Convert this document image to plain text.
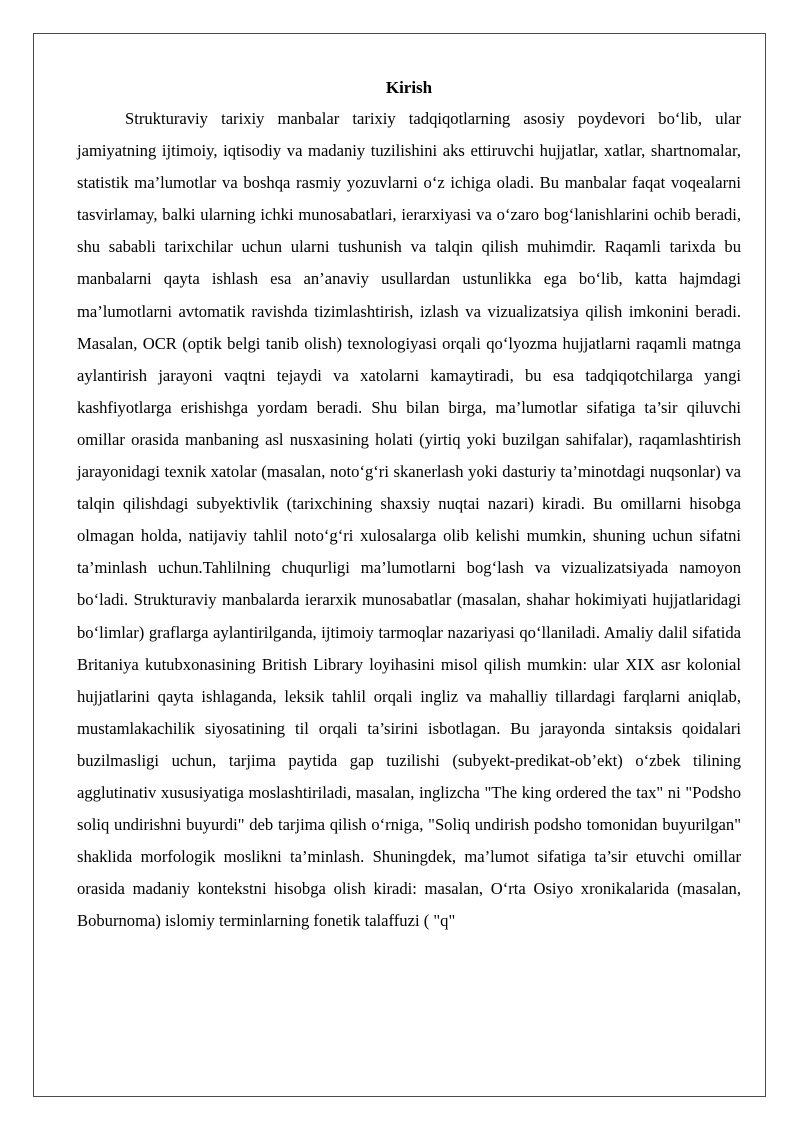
Kirish

Strukturaviy tarixiy manbalar tarixiy tadqiqotlarning asosiy poydevori bo‘lib, ular jamiyatning ijtimoiy, iqtisodiy va madaniy tuzilishini aks ettiruvchi hujjatlar, xatlar, shartnomalar, statistik ma’lumotlar va boshqa rasmiy yozuvlarni o‘z ichiga oladi. Bu manbalar faqat voqealarni tasvirlamay, balki ularning ichki munosabatlari, ierarxiyasi va o‘zaro bog‘lanishlarini ochib beradi, shu sababli tarixchilar uchun ularni tushunish va talqin qilish muhimdir. Raqamli tarixda bu manbalarni qayta ishlash esa an’anaviy usullardan ustunlikka ega bo‘lib, katta hajmdagi ma’lumotlarni avtomatik ravishda tizimlashtirish, izlash va vizualizatsiya qilish imkonini beradi. Masalan, OCR (optik belgi tanib olish) texnologiyasi orqali qo‘lyozma hujjatlarni raqamli matnga aylantirish jarayoni vaqtni tejaydi va xatolarni kamaytiradi, bu esa tadqiqotchilarga yangi kashfiyotlarga erishishga yordam beradi. Shu bilan birga, ma’lumotlar sifatiga ta’sir qiluvchi omillar orasida manbaning asl nusxasining holati (yirtiq yoki buzilgan sahifalar), raqamlashtirish jarayonidagi texnik xatolar (masalan, noto‘g‘ri skanerlash yoki dasturiy ta’minotdagi nuqsonlar) va talqin qilishdagi subyektivlik (tarixchining shaxsiy nuqtai nazari) kiradi. Bu omillarni hisobga olmagan holda, natijaviy tahlil noto‘g‘ri xulosalarga olib kelishi mumkin, shuning uchun sifatni ta’minlash uchun.Tahlilning chuqurligi ma’lumotlarni bog‘lash va vizualizatsiyada namoyon bo‘ladi. Strukturaviy manbalarda ierarxik munosabatlar (masalan, shahar hokimiyati hujjatlaridagi bo‘limlar) graflarga aylantirilganda, ijtimoiy tarmoqlar nazariyasi qo‘llaniladi. Amaliy dalil sifatida Britaniya kutubxonasining British Library loyihasini misol qilish mumkin: ular XIX asr kolonial hujjatlarini qayta ishlaganda, leksik tahlil orqali ingliz va mahalliy tillardagi farqlarni aniqlab, mustamlakachilik siyosatining til orqali ta’sirini isbotlagan. Bu jarayonda sintaksis qoidalari buzilmasligi uchun, tarjima paytida gap tuzilishi (subyekt-predikat-ob’ekt) o‘zbek tilining agglutinativ xususiyatiga moslashtiriladi, masalan, inglizcha "The king ordered the tax" ni "Podsho soliq undirishni buyurdi" deb tarjima qilish o‘rniga, "Soliq undirish podsho tomonidan buyurilgan" shaklida morfologik moslikni ta’minlash. Shuningdek, ma’lumot sifatiga ta’sir etuvchi omillar orasida madaniy kontekstni hisobga olish kiradi: masalan, O‘rta Osiyo xronikalarida (masalan, Boburnoma) islomiy terminlarning fonetik talaffuzi ( "q"
